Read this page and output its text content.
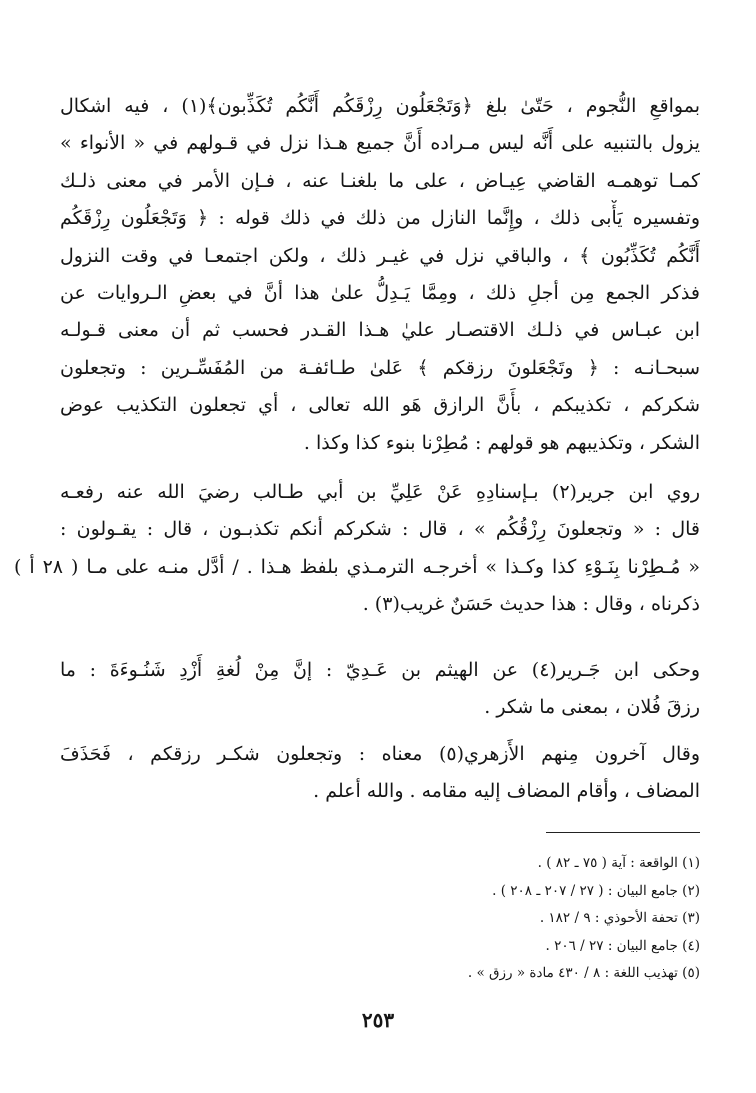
بمواقعِ النُّجوم ، حَتّىٰ بلغ ﴿وَتَجْعَلُون رِزْقَكُم أَنَّكُم تُكَذِّبون﴾(١) ، فيه اشكال
يزول بالتنبيه على أَنَّه ليس مـراده أَنَّ جميع هـذا نزل في قـولهم في « الأنواء »
كمـا توهمـه القاضي عِيـاض ، على ما بلغنـا عنه ، فـإن الأمر في معنى ذلـك
وتفسيره يَأْبى ذلك ، وإِنَّما النازل من ذلك في ذلك قوله : ﴿ وَتَجْعَلُون رِزْقَكُم
أَنَّكُم تُكَذِّبُون ﴾ ، والباقي نزل في غيـر ذلك ، ولكن اجتمعـا في وقت النزول
فذكر الجمع مِن أجلِ ذلك ، ومِمَّا يَـدِلُّ علىٰ هذا أنَّ في بعضِ الـروايات عن
ابن عبـاس في ذلـك الاقتصـار عليٰ هـذا القـدر فحسب ثم أن معنى قـولـه
سبحـانـه : ﴿ وتَجْعَلونَ رزقكم ﴾ عَلىٰ طـائفـة من المُفَسِّـرين : وتجعلون
شكركم ، تكذيبكم ، بأَنَّ الرازق هَو الله تعالى ، أي تجعلون التكذيب عوض
الشكر ، وتكذيبهم هو قولهم : مُطِرْنا بنوء كذا وكذا .
روي ابن جرير(٢) بـإسنادِهِ عَنْ عَلِيِّ بن أبي طـالب رضيَ الله عنه رفعـه
قال : « وتجعلونَ رِزْقُكُم » ، قال : شكركم أنكم تكذبـون ، قال : يقـولون :
« مُـطِرْنا بِنَـوْءِ كذا وكـذا » أخرجـه الترمـذي بلفظ هـذا . / أدَّل منـه على مـا ( ٢٨ أ )
ذكرناه ، وقال : هذا حديث حَسَنٌ غريب(٣) .
وحكى ابن جَـرير(٤) عن الهيثم بن عَـدِيّ : إنَّ مِنْ لُغةِ أَزْدِ شَنُـوءَةَ : ما
رزقَ فُلان ، بمعنى ما شكر .
وقال آخرون مِنهم الأَزهري(٥) معناه : وتجعلون شكـر رزقكم ، فَحَذَفَ
المضاف ، وأقام المضاف إليه مقامه . والله أعلم .
(١) الواقعة : آية ( ٧٥ ـ ٨٢ ) .
(٢) جامع البيان : ( ٢٧ / ٢٠٧ ـ ٢٠٨ ) .
(٣) تحفة الأحوذي : ٩ / ١٨٢ .
(٤) جامع البيان : ٢٧ / ٢٠٦ .
(٥) تهذيب اللغة : ٨ / ٤٣٠ مادة « رزق » .
٢٥٣
